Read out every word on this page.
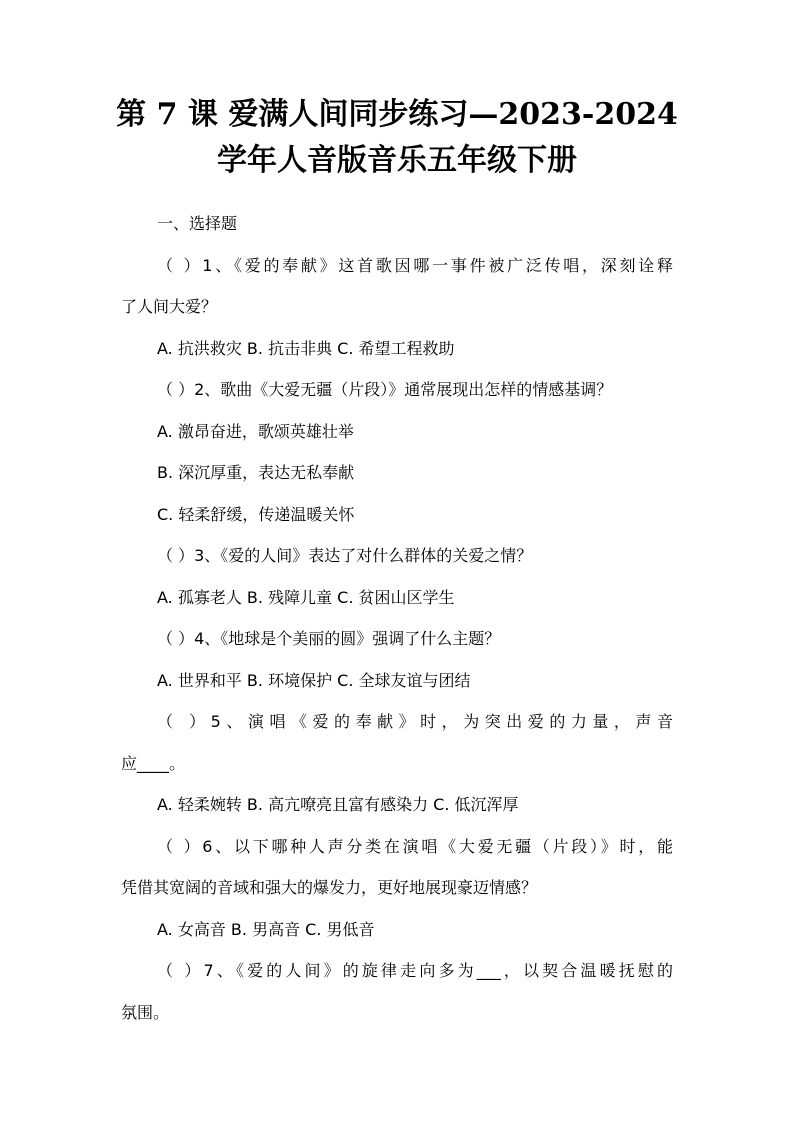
第 7 课 爱满人间同步练习—2023-2024
学年人音版音乐五年级下册
一、选择题
（ ）1、《爱的奉献》这首歌因哪一事件被广泛传唱，深刻诠释
了人间大爱？
A. 抗洪救灾 B. 抗击非典 C. 希望工程救助
（ ）2、歌曲《大爱无疆（片段）》通常展现出怎样的情感基调？
A. 激昂奋进，歌颂英雄壮举
B. 深沉厚重，表达无私奉献
C. 轻柔舒缓，传递温暖关怀
（ ）3、《爱的人间》表达了对什么群体的关爱之情？
A. 孤寡老人 B. 残障儿童 C. 贫困山区学生
（ ）4、《地球是个美丽的圆》强调了什么主题？
A. 世界和平 B. 环境保护 C. 全球友谊与团结
（ ）5、演唱《爱的奉献》时，为突出爱的力量，声音
应____。
A. 轻柔婉转 B. 高亢嘹亮且富有感染力 C. 低沉浑厚
（ ）6、以下哪种人声分类在演唱《大爱无疆（片段）》时，能
凭借其宽阔的音域和强大的爆发力，更好地展现豪迈情感？
A. 女高音 B. 男高音 C. 男低音
（ ）7、《爱的人间》的旋律走向多为___，以契合温暖抚慰的
氛围。
